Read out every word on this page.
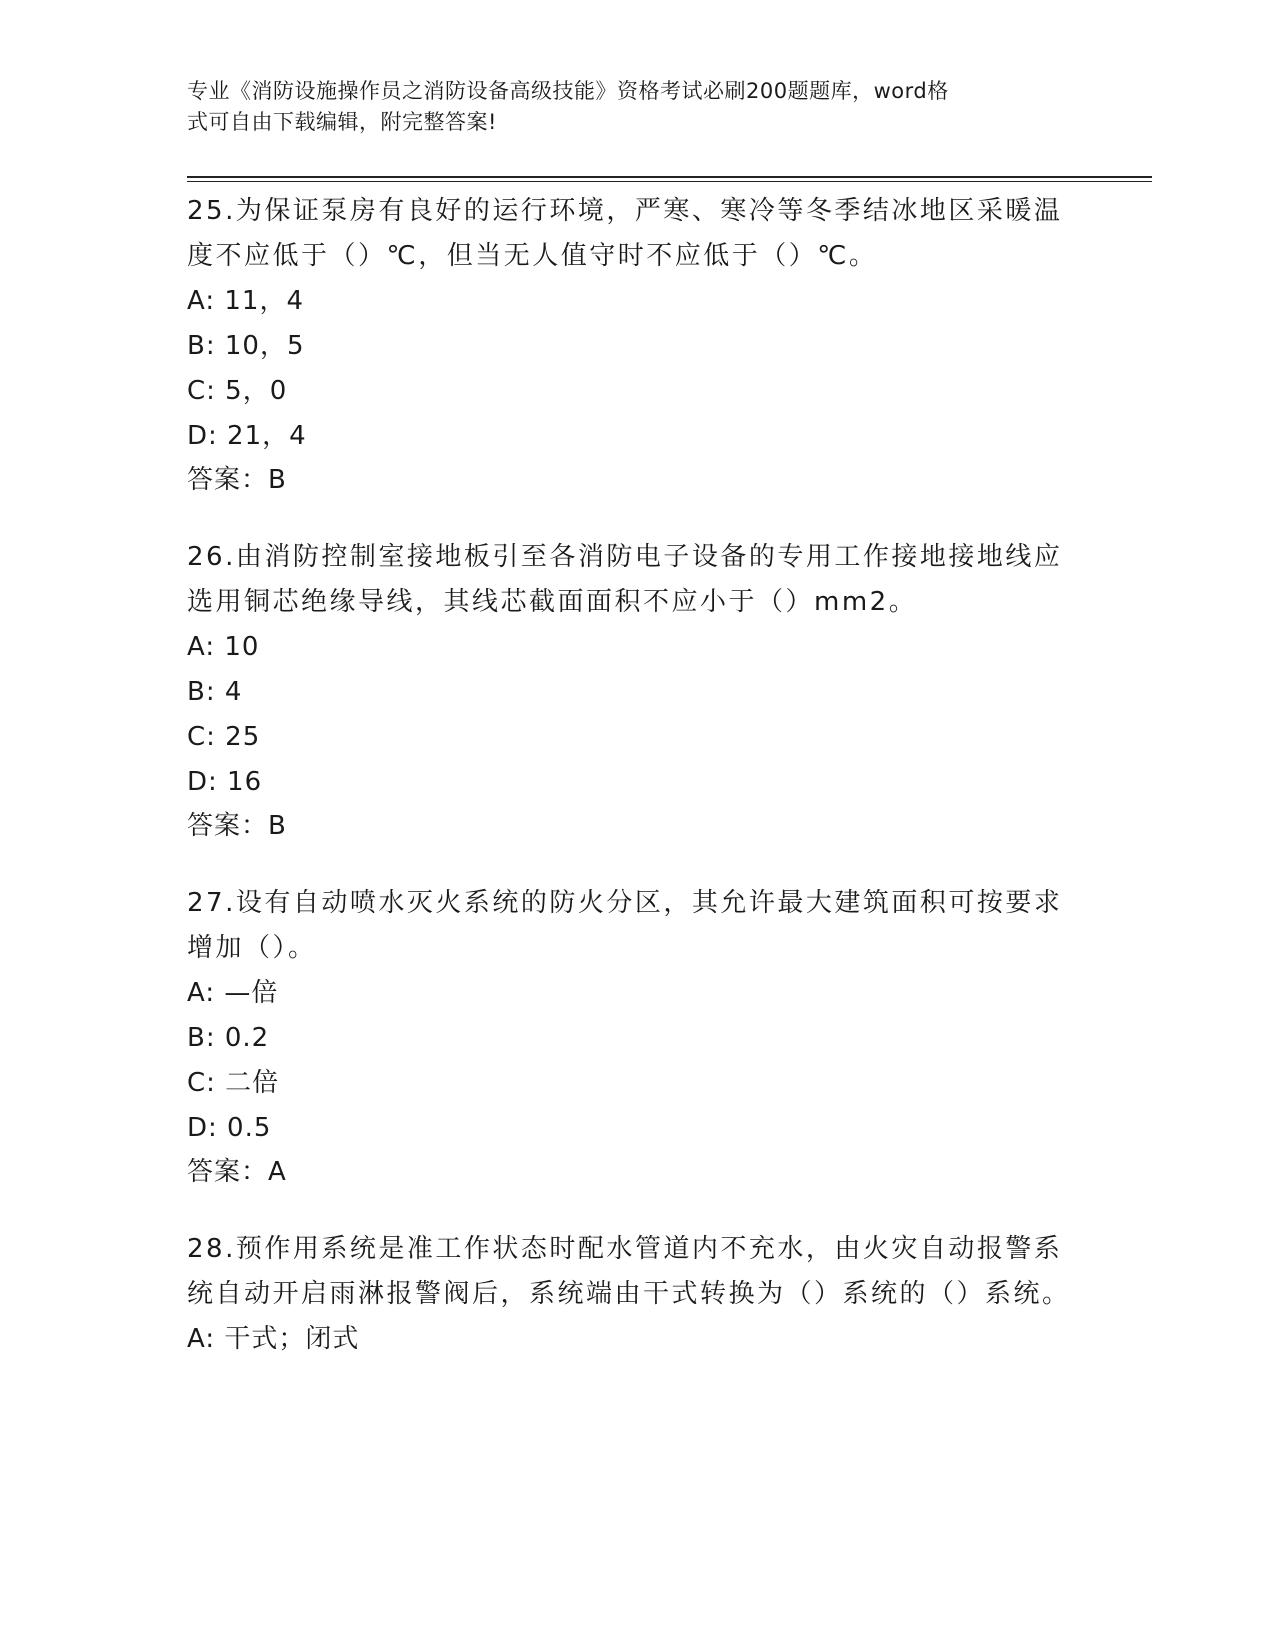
专业《消防设施操作员之消防设备高级技能》资格考试必刷200题题库，word格
式可自由下载编辑，附完整答案!
25.为保证泵房有良好的运行环境，严寒、寒冷等冬季结冰地区采暖温度不应低于（）℃，但当无人值守时不应低于（）℃。
A: 11，4
B: 10，5
C: 5，0
D: 21，4
答案：B
26.由消防控制室接地板引至各消防电子设备的专用工作接地接地线应选用铜芯绝缘导线，其线芯截面面积不应小于（）mm2。
A: 10
B: 4
C: 25
D: 16
答案：B
27.设有自动喷水灭火系统的防火分区，其允许最大建筑面积可按要求增加（）。
A: —倍
B: 0.2
C: 二倍
D: 0.5
答案：A
28.预作用系统是准工作状态时配水管道内不充水，由火灾自动报警系统自动开启雨淋报警阀后，系统端由干式转换为（）系统的（）系统。
A: 干式；闭式
